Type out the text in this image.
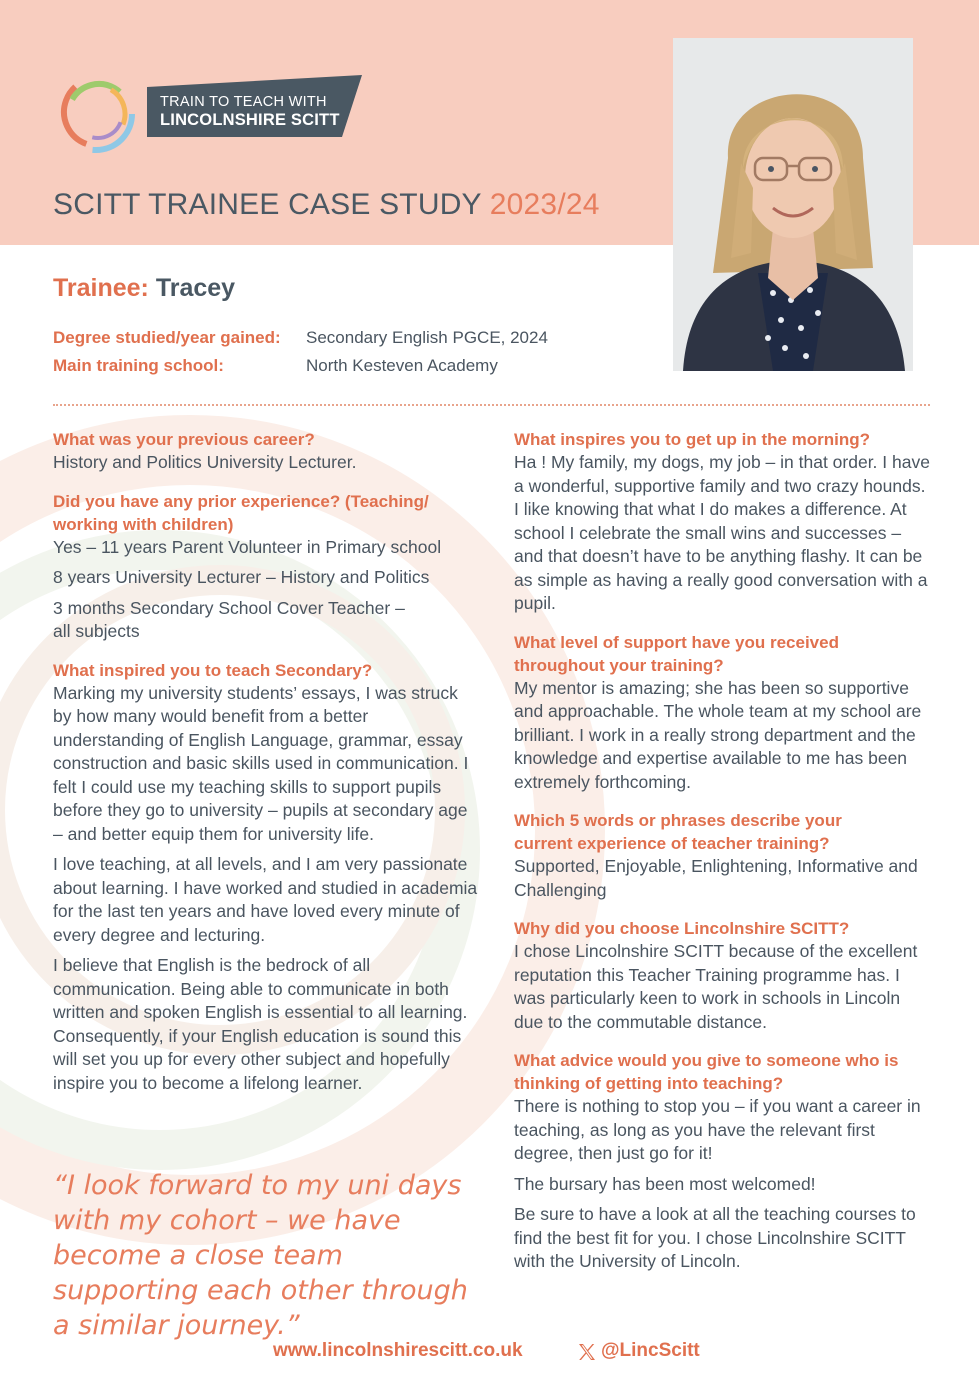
TRAIN TO TEACH WITH
LINCOLNSHIRE SCITT
SCITT TRAINEE CASE STUDY 2023/24
Trainee: Tracey
Degree studied/year gained: Secondary English PGCE, 2024
Main training school:	North Kesteven Academy

What was your previous career?

History and Politics University Lecturer.

Did you have any prior experience? (Teaching/ working with children)

Yes – 11 years Parent Volunteer in Primary school

8 years University Lecturer – History and Politics

3 months Secondary School Cover Teacher – all subjects

What inspired you to teach Secondary?

Marking my university students’ essays, I was struck by how many would benefit from a better understanding of English Language, grammar, essay construction and basic skills used in communication. I felt I could use my teaching skills to support pupils before they go to university – pupils at secondary age – and better equip them for university life.

I love teaching, at all levels, and I am very passionate about learning. I have worked and studied in academia for the last ten years and have loved every minute of every degree and lecturing.

I believe that English is the bedrock of all communication. Being able to communicate in both written and spoken English is essential to all learning. Consequently, if your English education is sound this will set you up for every other subject and hopefully inspire you to become a lifelong learner.

“I look forward to my uni days with my cohort – we have become a close team supporting each other through a similar journey.”

What inspires you to get up in the morning?

Ha ! My family, my dogs, my job – in that order. I have a wonderful, supportive family and two crazy hounds. I like knowing that what I do makes a difference. At school I celebrate the small wins and successes – and that doesn’t have to be anything flashy. It can be as simple as having a really good conversation with a pupil.

What level of support have you received throughout your training?

My mentor is amazing; she has been so supportive and approachable. The whole team at my school are brilliant. I work in a really strong department and the knowledge and expertise available to me has been extremely forthcoming.

Which 5 words or phrases describe your current experience of teacher training?

Supported, Enjoyable, Enlightening, Informative and Challenging

Why did you choose Lincolnshire SCITT?

I chose Lincolnshire SCITT because of the excellent reputation this Teacher Training programme has. I was particularly keen to work in schools in Lincoln due to the commutable distance.

What advice would you give to someone who is thinking of getting into teaching?

There is nothing to stop you – if you want a career in teaching, as long as you have the relevant first degree, then just go for it!

The bursary has been most welcomed!

Be sure to have a look at all the teaching courses to find the best fit for you. I chose Lincolnshire SCITT with the University of Lincoln.

www.lincolnshirescitt.co.uk	@LincScitt
